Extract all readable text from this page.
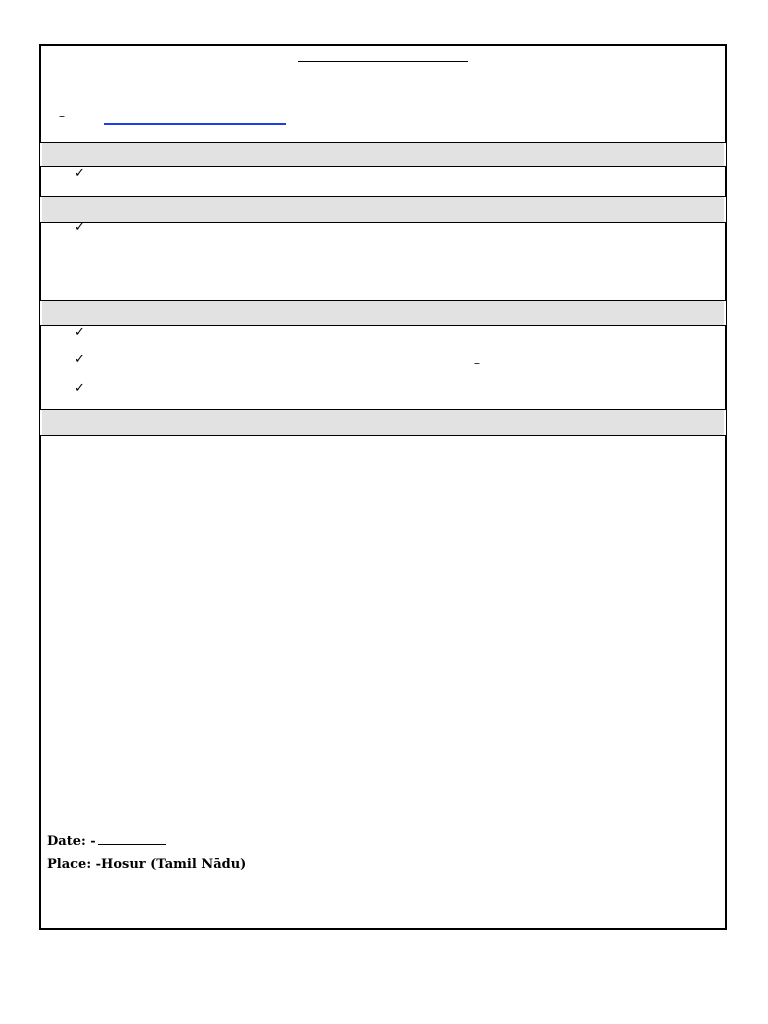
–
✓
✓
✓
✓	–
✓
Date: -
Place: -Hosur (Tamil Nādu)
